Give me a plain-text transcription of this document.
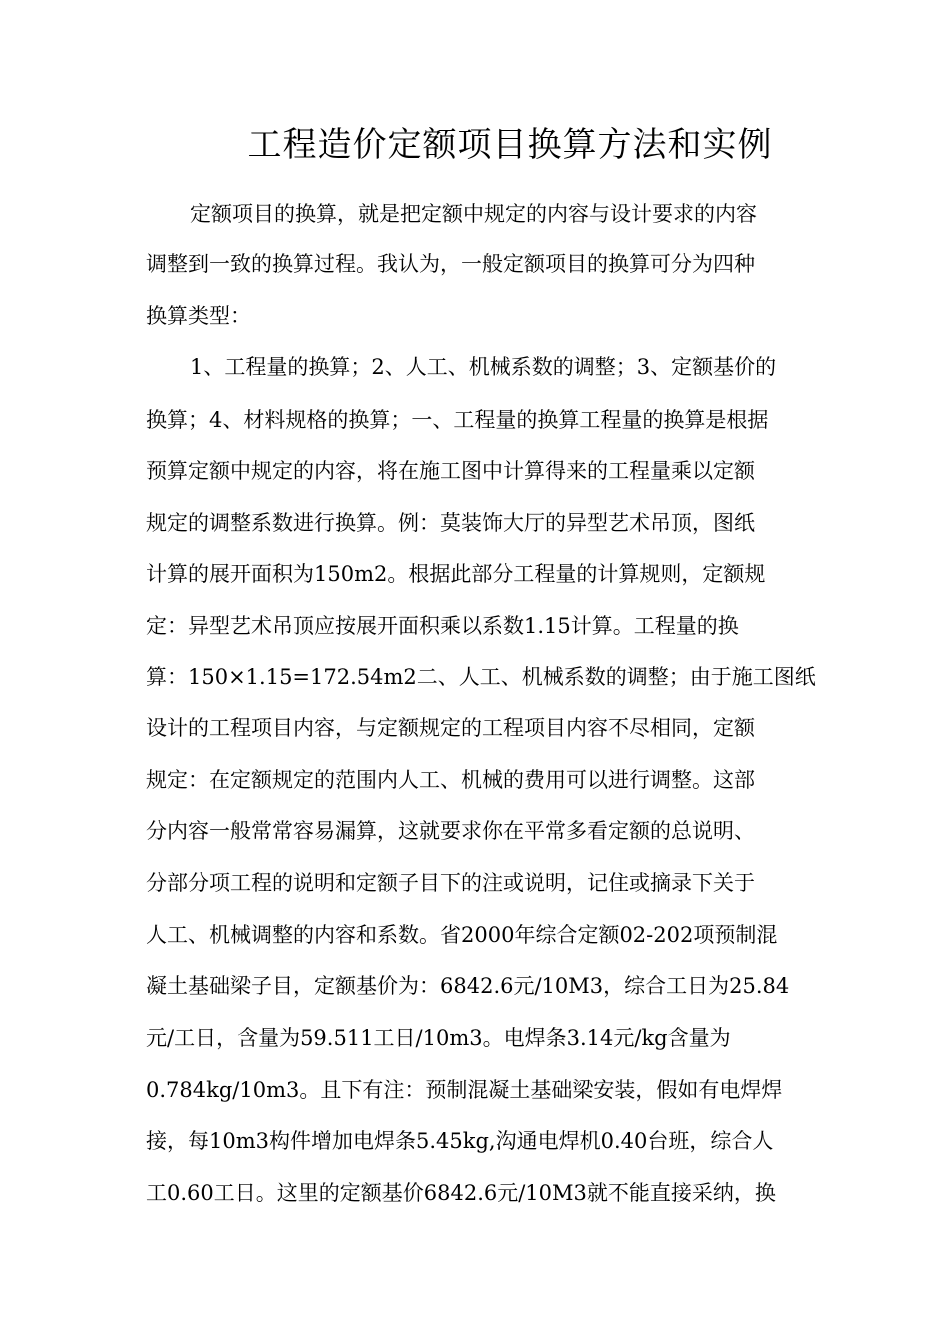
工程造价定额项目换算方法和实例
定额项目的换算，就是把定额中规定的内容与设计要求的内容
调整到一致的换算过程。我认为，一般定额项目的换算可分为四种
换算类型：
1、工程量的换算；2、人工、机械系数的调整；3、定额基价的
换算；4、材料规格的换算；一、工程量的换算工程量的换算是根据
预算定额中规定的内容，将在施工图中计算得来的工程量乘以定额
规定的调整系数进行换算。例：莫装饰大厅的异型艺术吊顶，图纸
计算的展开面积为150m2。根据此部分工程量的计算规则，定额规
定：异型艺术吊顶应按展开面积乘以系数1.15计算。工程量的换
算：150×1.15=172.54m2二、人工、机械系数的调整；由于施工图纸
设计的工程项目内容，与定额规定的工程项目内容不尽相同，定额
规定：在定额规定的范围内人工、机械的费用可以进行调整。这部
分内容一般常常容易漏算，这就要求你在平常多看定额的总说明、
分部分项工程的说明和定额子目下的注或说明，记住或摘录下关于
人工、机械调整的内容和系数。省2000年综合定额02-202项预制混
凝土基础梁子目，定额基价为：6842.6元/10M3，综合工日为25.84
元/工日，含量为59.511工日/10m3。电焊条3.14元/kg含量为
0.784kg/10m3。且下有注：预制混凝土基础梁安装，假如有电焊焊
接，每10m3构件增加电焊条5.45kg,沟通电焊机0.40台班，综合人
工0.60工日。这里的定额基价6842.6元/10M3就不能直接采纳，换
